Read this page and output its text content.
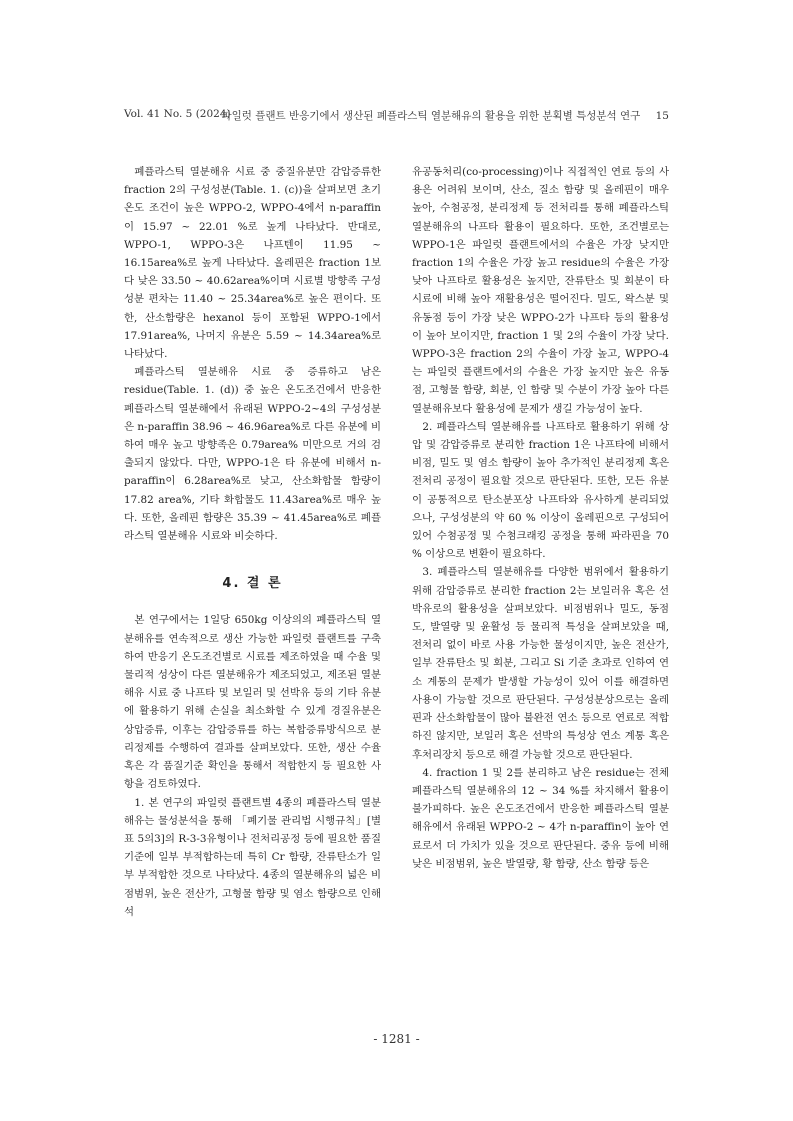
Vol. 41 No. 5 (2024)
파일럿 플랜트 반응기에서 생산된 폐플라스틱 열분해유의 활용을 위한 분획별 특성분석 연구 15

폐플라스틱 열분해유 시료 중 중질유분만 감압증류한 fraction 2의 구성성분(Table. 1. (c))을 살펴보면 초기온도 조건이 높은 WPPO-2, WPPO-4에서 n-paraffin이 15.97 ~ 22.01 %로 높게 나타났다. 반대로, WPPO-1, WPPO-3은 나프텐이 11.95 ~ 16.15area%로 높게 나타났다. 올레핀은 fraction 1보다 낮은 33.50 ~ 40.62area%이며 시료별 방향족 구성성분 편차는 11.40 ~ 25.34area%로 높은 편이다. 또한, 산소함량은 hexanol 등이 포함된 WPPO-1에서 17.91area%, 나머지 유분은 5.59 ~ 14.34area%로 나타났다.

폐플라스틱 열분해유 시료 중 증류하고 남은 residue(Table. 1. (d)) 중 높은 온도조건에서 반응한 폐플라스틱 열분해에서 유래된 WPPO-2~4의 구성성분은 n-paraffin 38.96 ~ 46.96area%로 다른 유분에 비하여 매우 높고 방향족은 0.79area% 미만으로 거의 검출되지 않았다. 다만, WPPO-1은 타 유분에 비해서 n-paraffin이 6.28area%로 낮고, 산소화합물 함량이 17.82 area%, 기타 화합물도 11.43area%로 매우 높다. 또한, 올레핀 함량은 35.39 ~ 41.45area%로 폐플라스틱 열분해유 시료와 비슷하다.

4. 결 론

본 연구에서는 1일당 650kg 이상의의 폐플라스틱 열분해유를 연속적으로 생산 가능한 파일럿 플랜트를 구축하여 반응기 온도조건별로 시료를 제조하였을 때 수율 및 물리적 성상이 다른 열분해유가 제조되었고, 제조된 열분해유 시료 중 나프타 및 보일러 및 선박유 등의 기타 유분에 활용하기 위해 손실을 최소화할 수 있게 경질유분은 상압증류, 이후는 감압증류를 하는 복합증류방식으로 분리정제를 수행하여 결과를 살펴보았다. 또한, 생산 수율 혹은 각 품질기준 확인을 통해서 적합한지 등 필요한 사항을 검토하였다.

1. 본 연구의 파일럿 플랜트별 4종의 폐플라스틱 열분해유는 물성분석을 통해 「폐기물 관리법 시행규칙」[별표 5의3]의 R-3-3유형이나 전처리공정 등에 필요한 품질기준에 일부 부적합하는데 특히 Cr 함량, 잔류탄소가 일부 부적합한 것으로 나타났다. 4종의 열분해유의 넓은 비점범위, 높은 전산가, 고형물 함량 및 염소 함량으로 인해 석

유공동처리(co-processing)이나 직접적인 연료 등의 사용은 어려워 보이며, 산소, 질소 함량 및 올레핀이 매우 높아, 수첨공정, 분리정제 등 전처리를 통해 폐플라스틱 열분해유의 나프타 활용이 필요하다. 또한, 조건별로는 WPPO-1은 파일럿 플랜트에서의 수율은 가장 낮지만 fraction 1의 수율은 가장 높고 residue의 수율은 가장 낮아 나프타로 활용성은 높지만, 잔류탄소 및 회분이 타 시료에 비해 높아 재활용성은 떨어진다. 밀도, 왁스분 및 유동점 등이 가장 낮은 WPPO-2가 나프타 등의 활용성이 높아 보이지만, fraction 1 및 2의 수율이 가장 낮다. WPPO-3은 fraction 2의 수율이 가장 높고, WPPO-4는 파일럿 플랜트에서의 수율은 가장 높지만 높은 유동점, 고형물 함량, 회분, 인 함량 및 수분이 가장 높아 다른 열분해유보다 활용성에 문제가 생길 가능성이 높다.

2. 폐플라스틱 열분해유를 나프타로 활용하기 위해 상압 및 감압증류로 분리한 fraction 1은 나프타에 비해서 비점, 밀도 및 염소 함량이 높아 추가적인 분리정제 혹은 전처리 공정이 필요할 것으로 판단된다. 또한, 모든 유분이 공통적으로 탄소분포상 나프타와 유사하게 분리되었으나, 구성성분의 약 60 % 이상이 올레핀으로 구성되어 있어 수첨공정 및 수첨크래킹 공정을 통해 파라핀을 70 % 이상으로 변환이 필요하다.

3. 폐플라스틱 열분해유를 다양한 범위에서 활용하기 위해 감압증류로 분리한 fraction 2는 보일러유 혹은 선박유로의 활용성을 살펴보았다. 비점범위나 밀도, 동점도, 발열량 및 윤활성 등 물리적 특성을 살펴보았을 때, 전처리 없이 바로 사용 가능한 물성이지만, 높은 전산가, 일부 잔류탄소 및 회분, 그리고 Si 기준 초과로 인하여 연소 계통의 문제가 발생할 가능성이 있어 이를 해결하면 사용이 가능할 것으로 판단된다. 구성성분상으로는 올레핀과 산소화합물이 많아 불완전 연소 등으로 연료로 적합하진 않지만, 보일러 혹은 선박의 특성상 연소 계통 혹은 후처리장치 등으로 해결 가능할 것으로 판단된다.

4. fraction 1 및 2를 분리하고 남은 residue는 전체 폐플라스틱 열분해유의 12 ~ 34 %를 차지해서 활용이 불가피하다. 높은 온도조건에서 반응한 폐플라스틱 열분해유에서 유래된 WPPO-2 ~ 4가 n-paraffin이 높아 연료로서 더 가치가 있을 것으로 판단된다. 중유 등에 비해 낮은 비점범위, 높은 발열량, 황 함량, 산소 함량 등은

- 1281 -
